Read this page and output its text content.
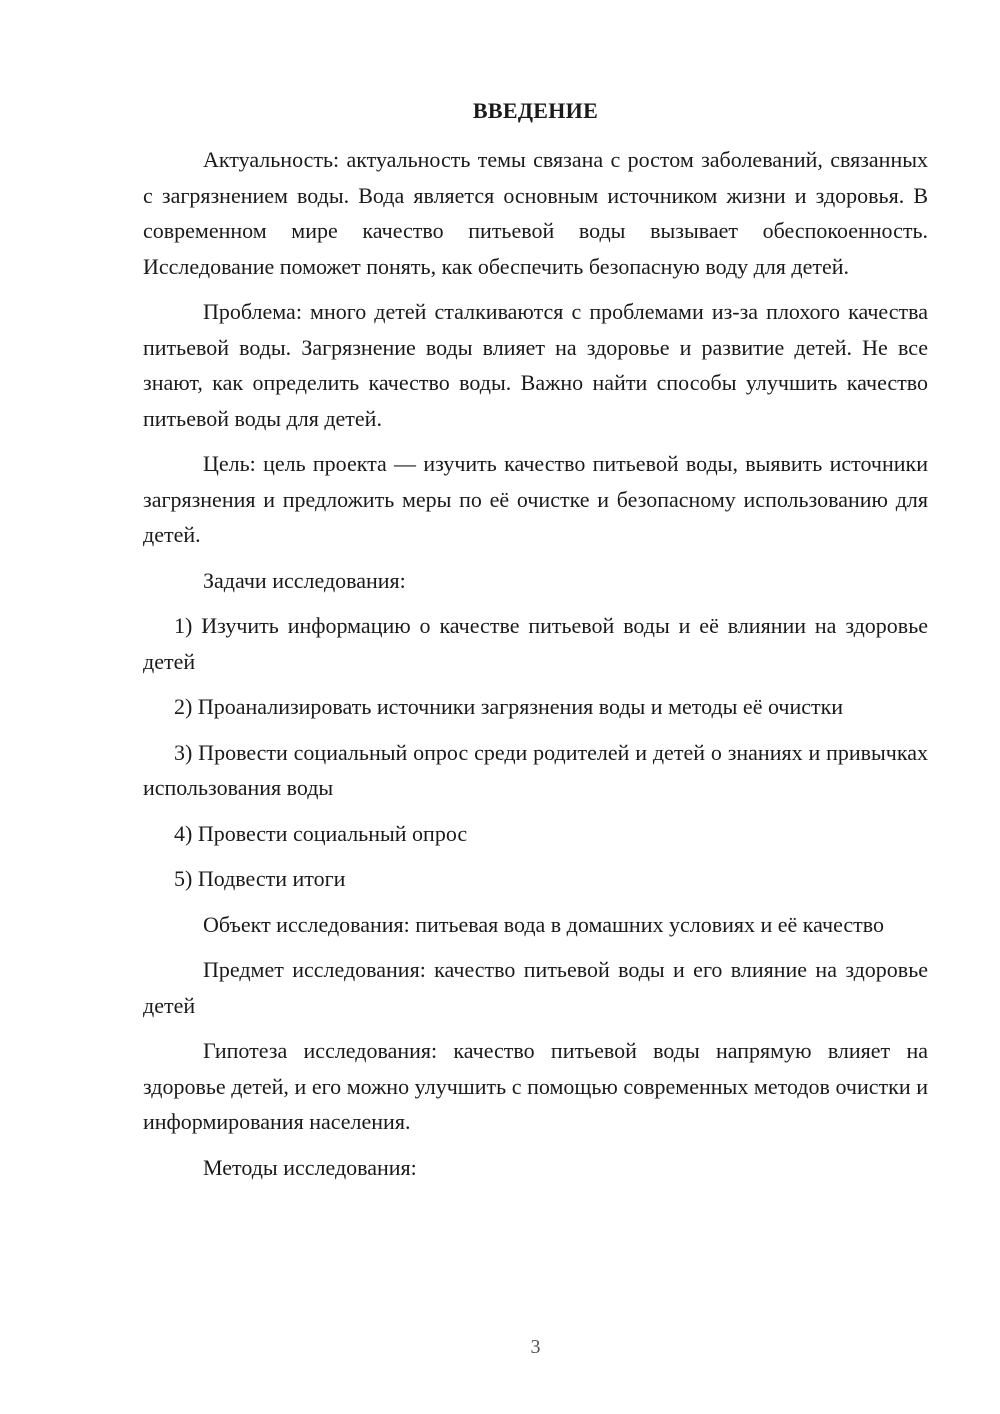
ВВЕДЕНИЕ

Актуальность: актуальность темы связана с ростом заболеваний, связанных с загрязнением воды. Вода является основным источником жизни и здоровья. В современном мире качество питьевой воды вызывает обеспокоенность. Исследование поможет понять, как обеспечить безопасную воду для детей.

Проблема: много детей сталкиваются с проблемами из-за плохого качества питьевой воды. Загрязнение воды влияет на здоровье и развитие детей. Не все знают, как определить качество воды. Важно найти способы улучшить качество питьевой воды для детей.

Цель: цель проекта — изучить качество питьевой воды, выявить источники загрязнения и предложить меры по её очистке и безопасному использованию для детей.

Задачи исследования:

1) Изучить информацию о качестве питьевой воды и её влиянии на здоровье детей

2) Проанализировать источники загрязнения воды и методы её очистки

3) Провести социальный опрос среди родителей и детей о знаниях и привычках использования воды

4) Провести социальный опрос

5) Подвести итоги

Объект исследования: питьевая вода в домашних условиях и её качество

Предмет исследования: качество питьевой воды и его влияние на здоровье детей

Гипотеза исследования: качество питьевой воды напрямую влияет на здоровье детей, и его можно улучшить с помощью современных методов очистки и информирования населения.

Методы исследования:

3
